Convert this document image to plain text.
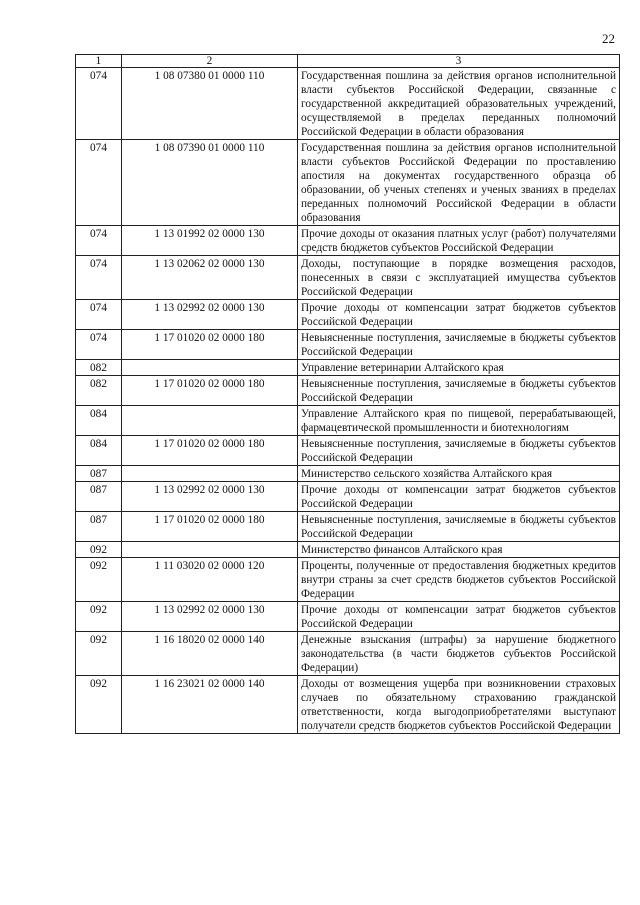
22
1	2	3
074	1 08 07380 01 0000 110	Государственная пошлина за действия органов исполнительной власти субъектов Российской Федерации, связанные с государственной аккредитацией образовательных учреждений, осуществляемой в пределах переданных полномочий Российской Федерации в области образования
074	1 08 07390 01 0000 110	Государственная пошлина за действия органов исполнительной власти субъектов Российской Федерации по проставлению апостиля на документах государственного образца об образовании, об ученых степенях и ученых званиях в пределах переданных полномочий Российской Федерации в области образования
074	1 13 01992 02 0000 130	Прочие доходы от оказания платных услуг (работ) получателями средств бюджетов субъектов Российской Федерации
074	1 13 02062 02 0000 130	Доходы, поступающие в порядке возмещения расходов, понесенных в связи с эксплуатацией имущества субъектов Российской Федерации
074	1 13 02992 02 0000 130	Прочие доходы от компенсации затрат бюджетов субъектов Российской Федерации
074	1 17 01020 02 0000 180	Невыясненные поступления, зачисляемые в бюджеты субъектов Российской Федерации
082		Управление ветеринарии Алтайского края
082	1 17 01020 02 0000 180	Невыясненные поступления, зачисляемые в бюджеты субъектов Российской Федерации
084		Управление Алтайского края по пищевой, перерабатывающей, фармацевтической промышленности и биотехнологиям
084	1 17 01020 02 0000 180	Невыясненные поступления, зачисляемые в бюджеты субъектов Российской Федерации
087		Министерство сельского хозяйства Алтайского края
087	1 13 02992 02 0000 130	Прочие доходы от компенсации затрат бюджетов субъектов Российской Федерации
087	1 17 01020 02 0000 180	Невыясненные поступления, зачисляемые в бюджеты субъектов Российской Федерации
092		Министерство финансов Алтайского края
092	1 11 03020 02 0000 120	Проценты, полученные от предоставления бюджетных кредитов внутри страны за счет средств бюджетов субъектов Российской Федерации
092	1 13 02992 02 0000 130	Прочие доходы от компенсации затрат бюджетов субъектов Российской Федерации
092	1 16 18020 02 0000 140	Денежные взыскания (штрафы) за нарушение бюджетного законодательства (в части бюджетов субъектов Российской Федерации)
092	1 16 23021 02 0000 140	Доходы от возмещения ущерба при возникновении страховых случаев по обязательному страхованию гражданской ответственности, когда выгодоприобретателями выступают получатели средств бюджетов субъектов Российской Федерации
